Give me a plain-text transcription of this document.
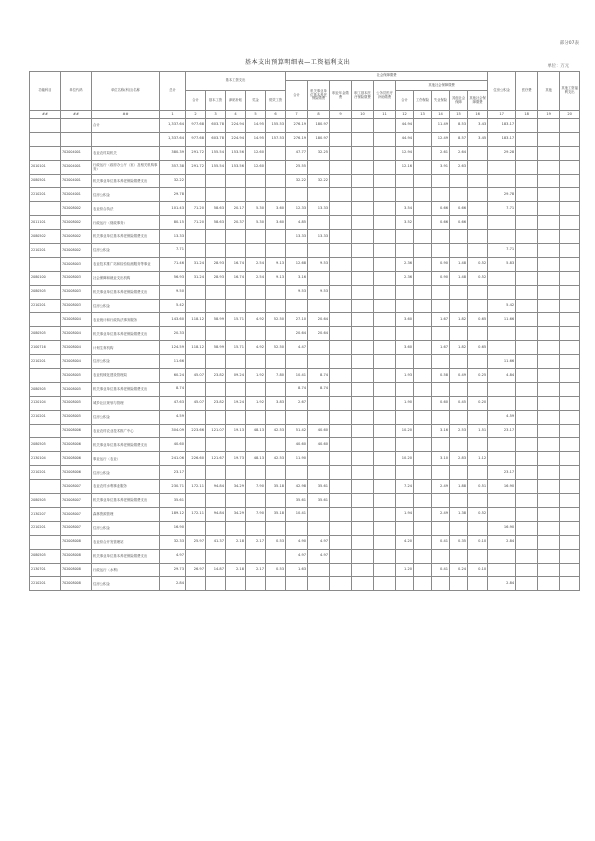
部分07表
基本支出预算明细表—工资福利支出
单位：万元
功能科目	单位代码	单位名称(科目)名称	总计	基本工资支出					社会保障缴费										住房公积金	医疗费	其他	其他工资福利支出
									合计	机关事业单位基本养老保险缴费	职业年金缴费	职工基本医疗保险缴费	公务员医疗补助缴费	其他社会保障缴费								
				合计	基本工资	津贴补贴	奖金	绩效工资						合计	工伤保险	失业保险	其他社会保障	其他社会保障缴费				
##	##	##	1	2	3	4	5	6	7	8	9	10	11	12	13	14	15	16	17	18	19	20
		合计	1,337.64	977.68	603.78	224.94	14.95	155.53	276.19	180.97				44.94		11.49	8.53	3.43	183.17			
			1,337.64	977.68	603.78	224.94	14.95	157.53	276.19	180.97				44.94		12.49	8.57	3.45	183.17			
	702004001	农业农村局机关	380.39	291.72	155.54	153.56	12.60		47.77	32.25				12.94		2.61	2.64		29.28			
2010101	702004001	行政运行（政府办公厅（室）及相关机构事务）	357.38	291.72	155.54	153.56	12.60		25.55					12.16		3.91	2.63					
2080501	702004001	机关事业单位基本养老保险缴费支出	32.22						32.22	32.22												
2210201	702004001	住房公积金	29.78																29.78			
	702008002	农业综合执法	101.43	71.20	58.63	20.17	5.30	3.60	12.33	13.33				3.54		0.66	0.66		7.71			
2011101	702008002	行政运行（财政事务）	80.15	71.20	58.63	20.37	5.30	3.60	4.85					3.52		0.66	0.66					
2080502	702008002	机关事业单位基本养老保险缴费支出	13.33						13.33	13.33												
2210201	702008002	住房公积金	7.71																7.71			
	702008003	农业技术推广站和检验检测服务等事业	71.46	31.24	28.93	16.74	2.54	9.13	12.68	9.53				2.36		0.90	1.48	0.52	5.83			
2080100	702008003	社会保障和就业支出机构	56.93	31.24	28.93	16.74	2.54	9.13	3.16					2.36		0.90	1.48	0.52				
2080505	702008003	机关事业单位基本养老保险缴费支出	9.50						9.53	9.53												
2210201	702008003	住房公积金	5.42																5.42			
	702008004	农业统计和行政执法事务服务	143.60	118.12	58.99	15.71	4.92	52.50	27.10	20.64				3.60		1.67	1.82	0.65	11.66			
2080505	702008004	机关事业单位基本养老保险缴费支出	20.33						20.64	20.64												
2100716	702008004	计划生育机构	124.59	118.12	58.99	15.71	4.92	52.50	4.47					3.60		1.67	1.82	0.65				
2210201	702008004	住房公积金	11.66																11.66			
	702008005	农业机械化建设管理局	60.24	45.07	23.82	09.24	1.92	7.80	10.41	8.74				1.93		0.58	0.49	0.25	4.84			
2080505	702008005	机关事业单位基本养老保险缴费支出	8.74						8.74	8.74												
2120104	702008005	城乡社区规划与管理	47.63	45.07	23.82	19.24	1.92	3.83	2.67					1.90		0.60	0.45	0.20				
2210201	702008005	住房公积金	4.59																4.59			
	702008006	农业农村农业技术推广中心	304.09	223.66	121.07	19.13	48.13	42.53	51.42	40.60				10.20		3.16	2.53	1.51	23.17			
2080505	702008006	机关事业单位基本养老保险缴费支出	40.60						40.60	40.60												
2130104	702008006	事业运行（农业）	241.06	226.60	121.67	19.73	48.13	42.53	11.90					10.20		3.10	2.83	1.12				
2210201	702008006	住房公积金	23.17																23.17			
	702008007	农业农村水利事业服务	230.71	172.11	94.84	34.29	7.90	35.18	42.98	35.61				7.24		2.49	1.88	0.51	16.90			
2080505	702008007	机关事业单位基本养老保险缴费支出	35.61						35.61	35.61												
2130207	702008007	森林资源管理	189.12	172.11	94.84	34.29	7.90	35.18	10.41					1.94		2.49	1.38	0.52				
2210201	702008007	住房公积金	16.90																16.90			
	702008008	农业综合开发管理站	32.33	25.97	41.37	2.18	2.17	0.53	4.90	4.97				4.20		0.41	0.35	0.10	2.84			
2080505	702008008	机关事业单位基本养老保险缴费支出	4.97						4.97	4.97												
2130701	702008008	行政运行（水利）	29.73	26.97	14.87	2.18	2.17	0.53	1.63					1.20		0.41	0.24	0.10				
2210201	702008008	住房公积金	2.84																2.84			
